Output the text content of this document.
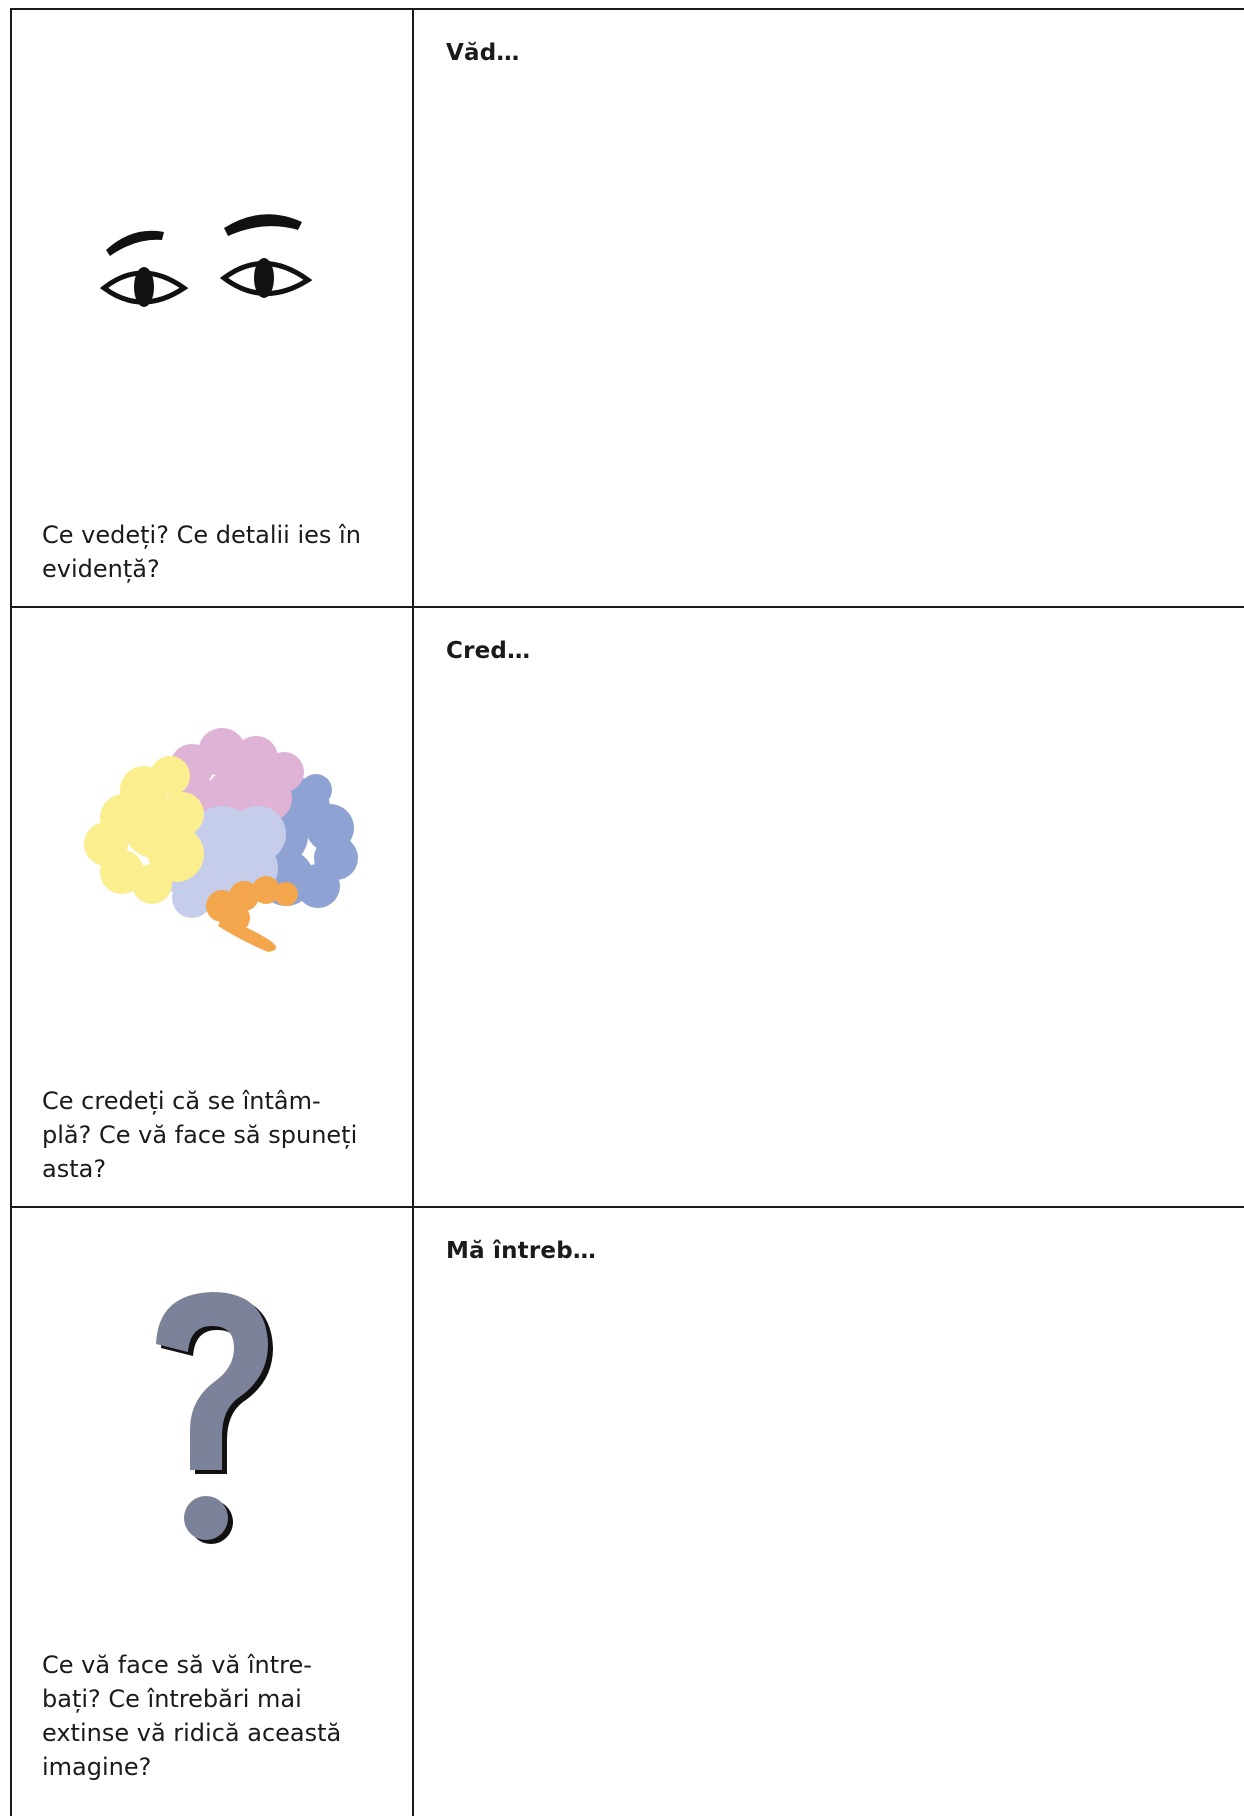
Ce vedeți? Ce detalii ies în
evidență?
Văd…
Ce credeți că se întâm-
plă? Ce vă face să spuneți
asta?
Cred…
Ce vă face să vă între-
bați? Ce întrebări mai
extinse vă ridică această
imagine?
Mă întreb…
